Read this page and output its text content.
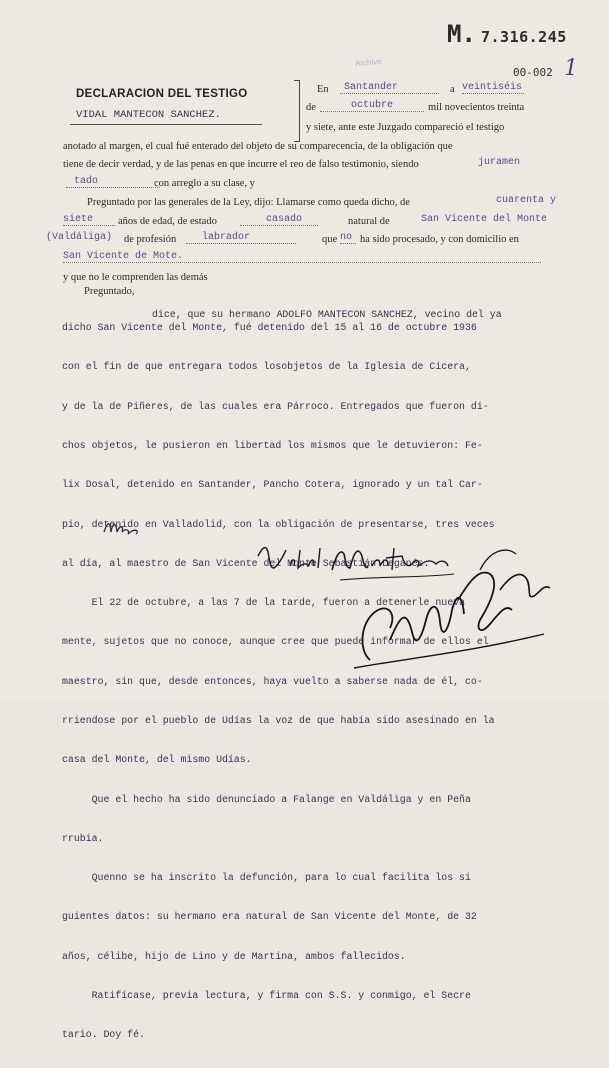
M. 7.316.245
Archivo
00-002 1
DECLARACION DEL TESTIGO
VIDAL MANTECON SANCHEZ.
En	Santander	a veintiséis
de	octubre	mil novecientos treinta
y siete, ante este Juzgado compareció el testigo
anotado al margen, el cual fué enterado del objeto de su comparecencia, de la obligación que
tiene de decir verdad, y de las penas en que incurre el reo de falso testimonio, siendo	juramen
tado	con arreglo a su clase, y
Preguntado por las generales de la Ley, dijo: Llamarse como queda dicho, de	cuarenta y
siete	años de edad, de estado	casado	natural de	San Vicente del Monte
(Valdáliga) de profesión	labrador	que no ha sido procesado, y con domicilio en
San Vicente de Mote.
y que no le comprenden las demás
Preguntado,

dice, que su hermano ADOLFO MANTECON SANCHEZ, vecino del ya

dicho San Vicente del Monte, fué detenido del 15 al 16 de octubre 1936

con el fin de que entregara todos losobjetos de la Iglesia de Cicera,

y de la de Piñeres, de las cuales era Párroco. Entregados que fueron di-

chos objetos, le pusieron en libertad los mismos que le detuvieron: Fe-

lix Dosal, detenido en Santander, Pancho Cotera, ignorado y un tal Car-

pio, detenido en Valladolid, con la obligación de presentarse, tres veces

al día, al maestro de San Vicente del Monte Sebastián Leganés.

El 22 de octubre, a las 7 de la tarde, fueron a detenerle nueva

mente, sujetos que no conoce, aunque cree que puede informar de ellos el

maestro, sin que, desde entonces, haya vuelto a saberse nada de él, co-

rriendose por el pueblo de Udías la voz de que había sido asesinado en la

casa del Monte, del mismo Udías.

Que el hecho ha sido denunciado a Falange en Valdáliga y en Peña

rrubia.

Quenno se ha inscrito la defunción, para lo cual facilita los si

guientes datos: su hermano era natural de San Vicente del Monte, de 32

años, célibe, hijo de Lino y de Martina, ambos fallecidos.

Ratifícase, previa lectura, y firma con S.S. y conmigo, el Secre

tario. Doy fé.
